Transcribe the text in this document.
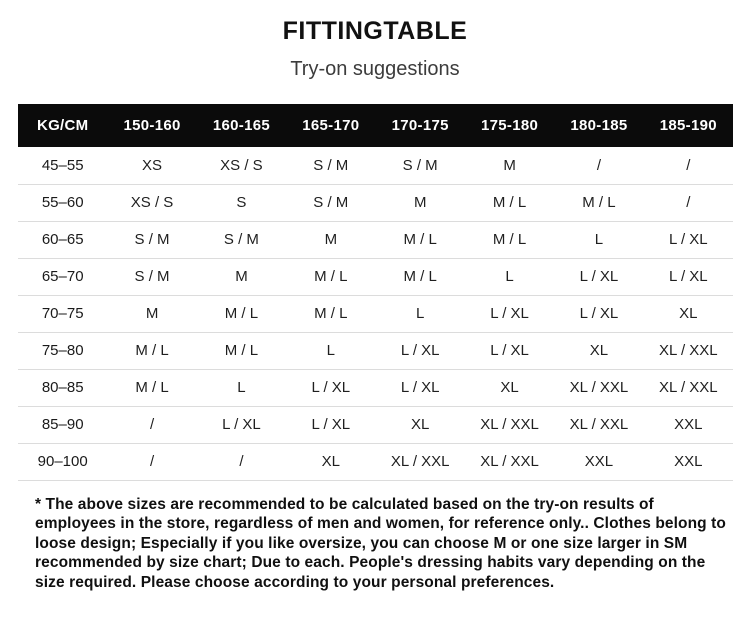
FITTINGTABLE
Try-on suggestions
KG/CM	150-160	160-165	165-170	170-175	175-180	180-185	185-190
45–55	XS	XS / S	S / M	S / M	M	/	/
55–60	XS / S	S	S / M	M	M / L	M / L	/
60–65	S / M	S / M	M	M / L	M / L	L	L / XL
65–70	S / M	M	M / L	M / L	L	L / XL	L / XL
70–75	M	M / L	M / L	L	L / XL	L / XL	XL
75–80	M / L	M / L	L	L / XL	L / XL	XL	XL / XXL
80–85	M / L	L	L / XL	L / XL	XL	XL / XXL	XL / XXL
85–90	/	L / XL	L / XL	XL	XL / XXL	XL / XXL	XXL
90–100	/	/	XL	XL / XXL	XL / XXL	XXL	XXL
* The above sizes are recommended to be calculated based on the try-on results of employees in the store, regardless of men and women, for reference only.. Clothes belong to loose design; Especially if you like oversize, you can choose M or one size larger in SM recommended by size chart; Due to each. People's dressing habits vary depending on the size required. Please choose according to your personal preferences.
